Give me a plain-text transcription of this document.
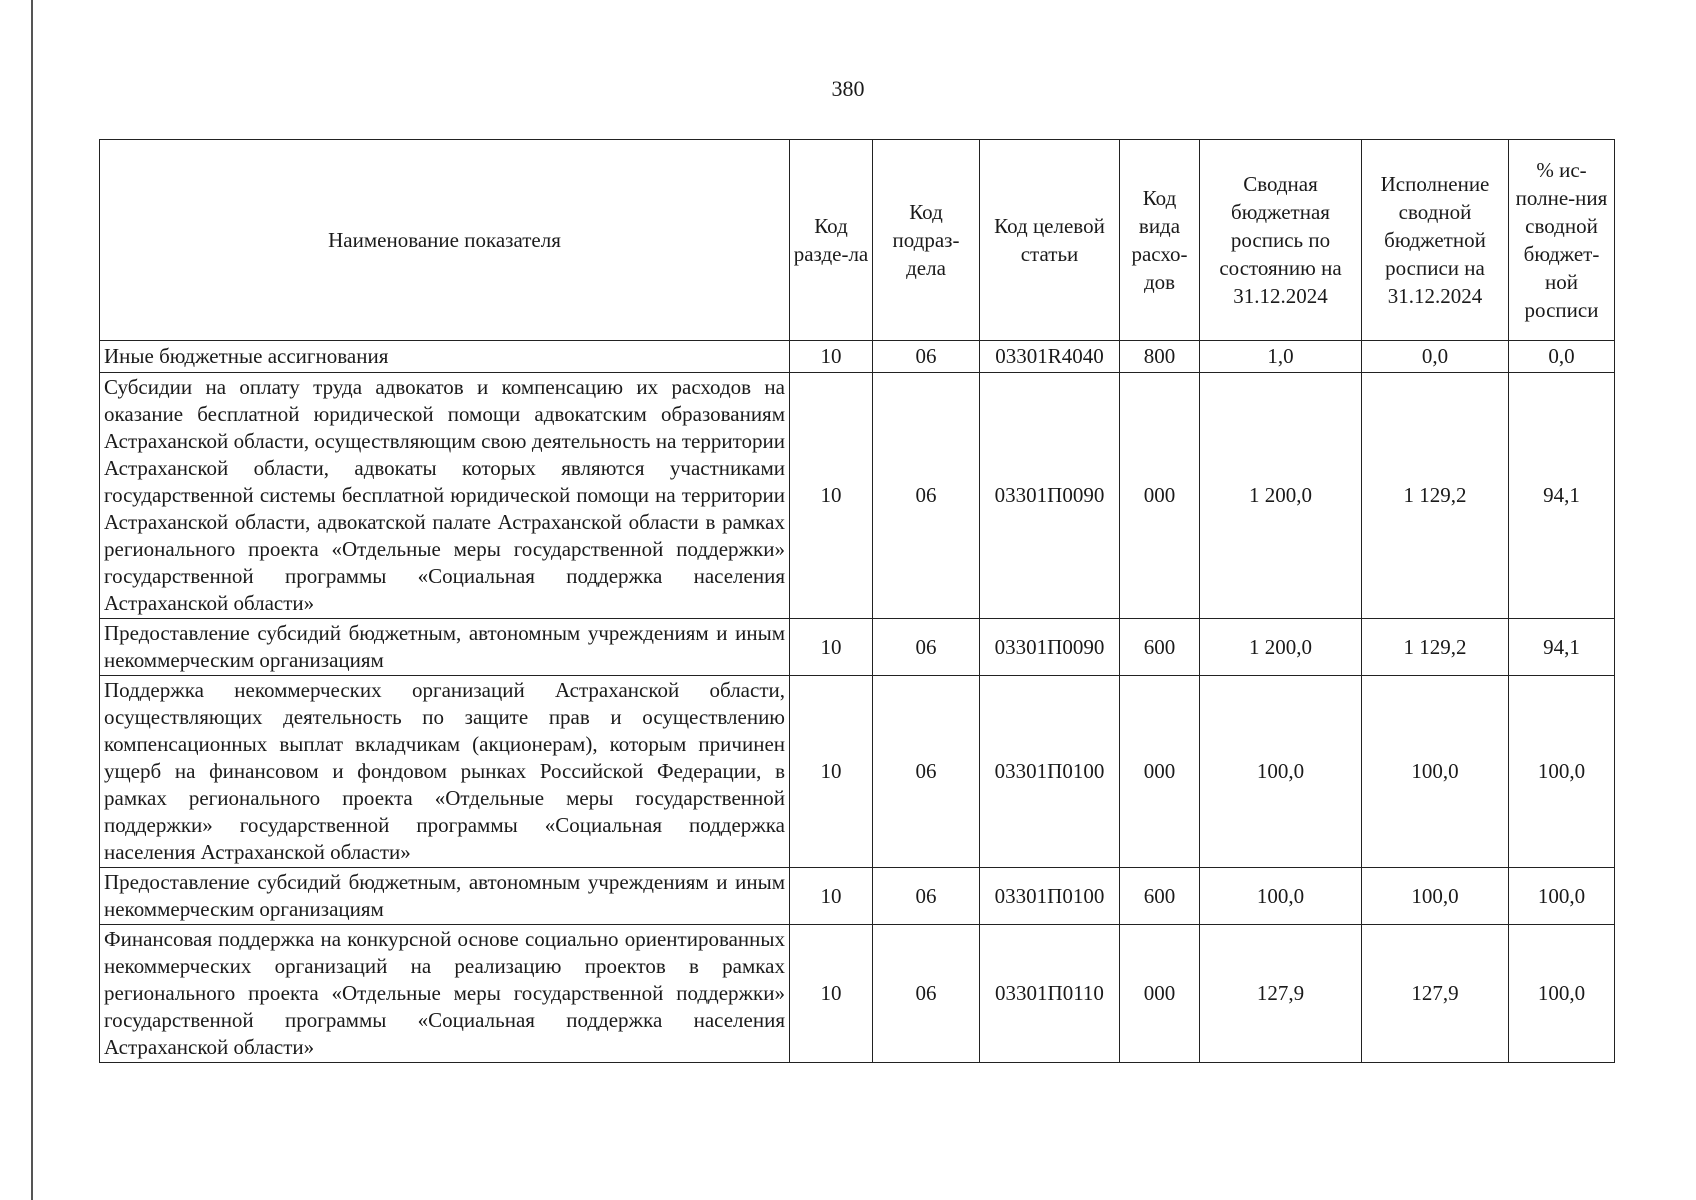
380
Наименование показателя	Код разде-ла	Код подраз-дела	Код целевой статьи	Код вида расхо-дов	Сводная бюджетная роспись по состоянию на 31.12.2024	Исполнение сводной бюджетной росписи на 31.12.2024	% ис-полне-ния сводной бюджет-ной росписи
Иные бюджетные ассигнования	10	06	03301R4040	800	1,0	0,0	0,0
Субсидии на оплату труда адвокатов и компенсацию их расходов на оказание бесплатной юридической помощи адвокатским образованиям Астраханской области, осуществляющим свою деятельность на территории Астраханской области, адвокаты которых являются участниками государственной системы бесплатной юридической помощи на территории Астраханской области, адвокатской палате Астраханской области в рамках регионального проекта «Отдельные меры государственной поддержки» государственной программы «Социальная поддержка населения Астраханской области»	10	06	03301П0090	000	1 200,0	1 129,2	94,1
Предоставление субсидий бюджетным, автономным учреждениям и иным некоммерческим организациям	10	06	03301П0090	600	1 200,0	1 129,2	94,1
Поддержка некоммерческих организаций Астраханской области, осуществляющих деятельность по защите прав и осуществлению компенсационных выплат вкладчикам (акционерам), которым причинен ущерб на финансовом и фондовом рынках Российской Федерации, в рамках регионального проекта «Отдельные меры государственной поддержки» государственной программы «Социальная поддержка населения Астраханской области»	10	06	03301П0100	000	100,0	100,0	100,0
Предоставление субсидий бюджетным, автономным учреждениям и иным некоммерческим организациям	10	06	03301П0100	600	100,0	100,0	100,0
Финансовая поддержка на конкурсной основе социально ориентированных некоммерческих организаций на реализацию проектов в рамках регионального проекта «Отдельные меры государственной поддержки» государственной программы «Социальная поддержка населения Астраханской области»	10	06	03301П0110	000	127,9	127,9	100,0
